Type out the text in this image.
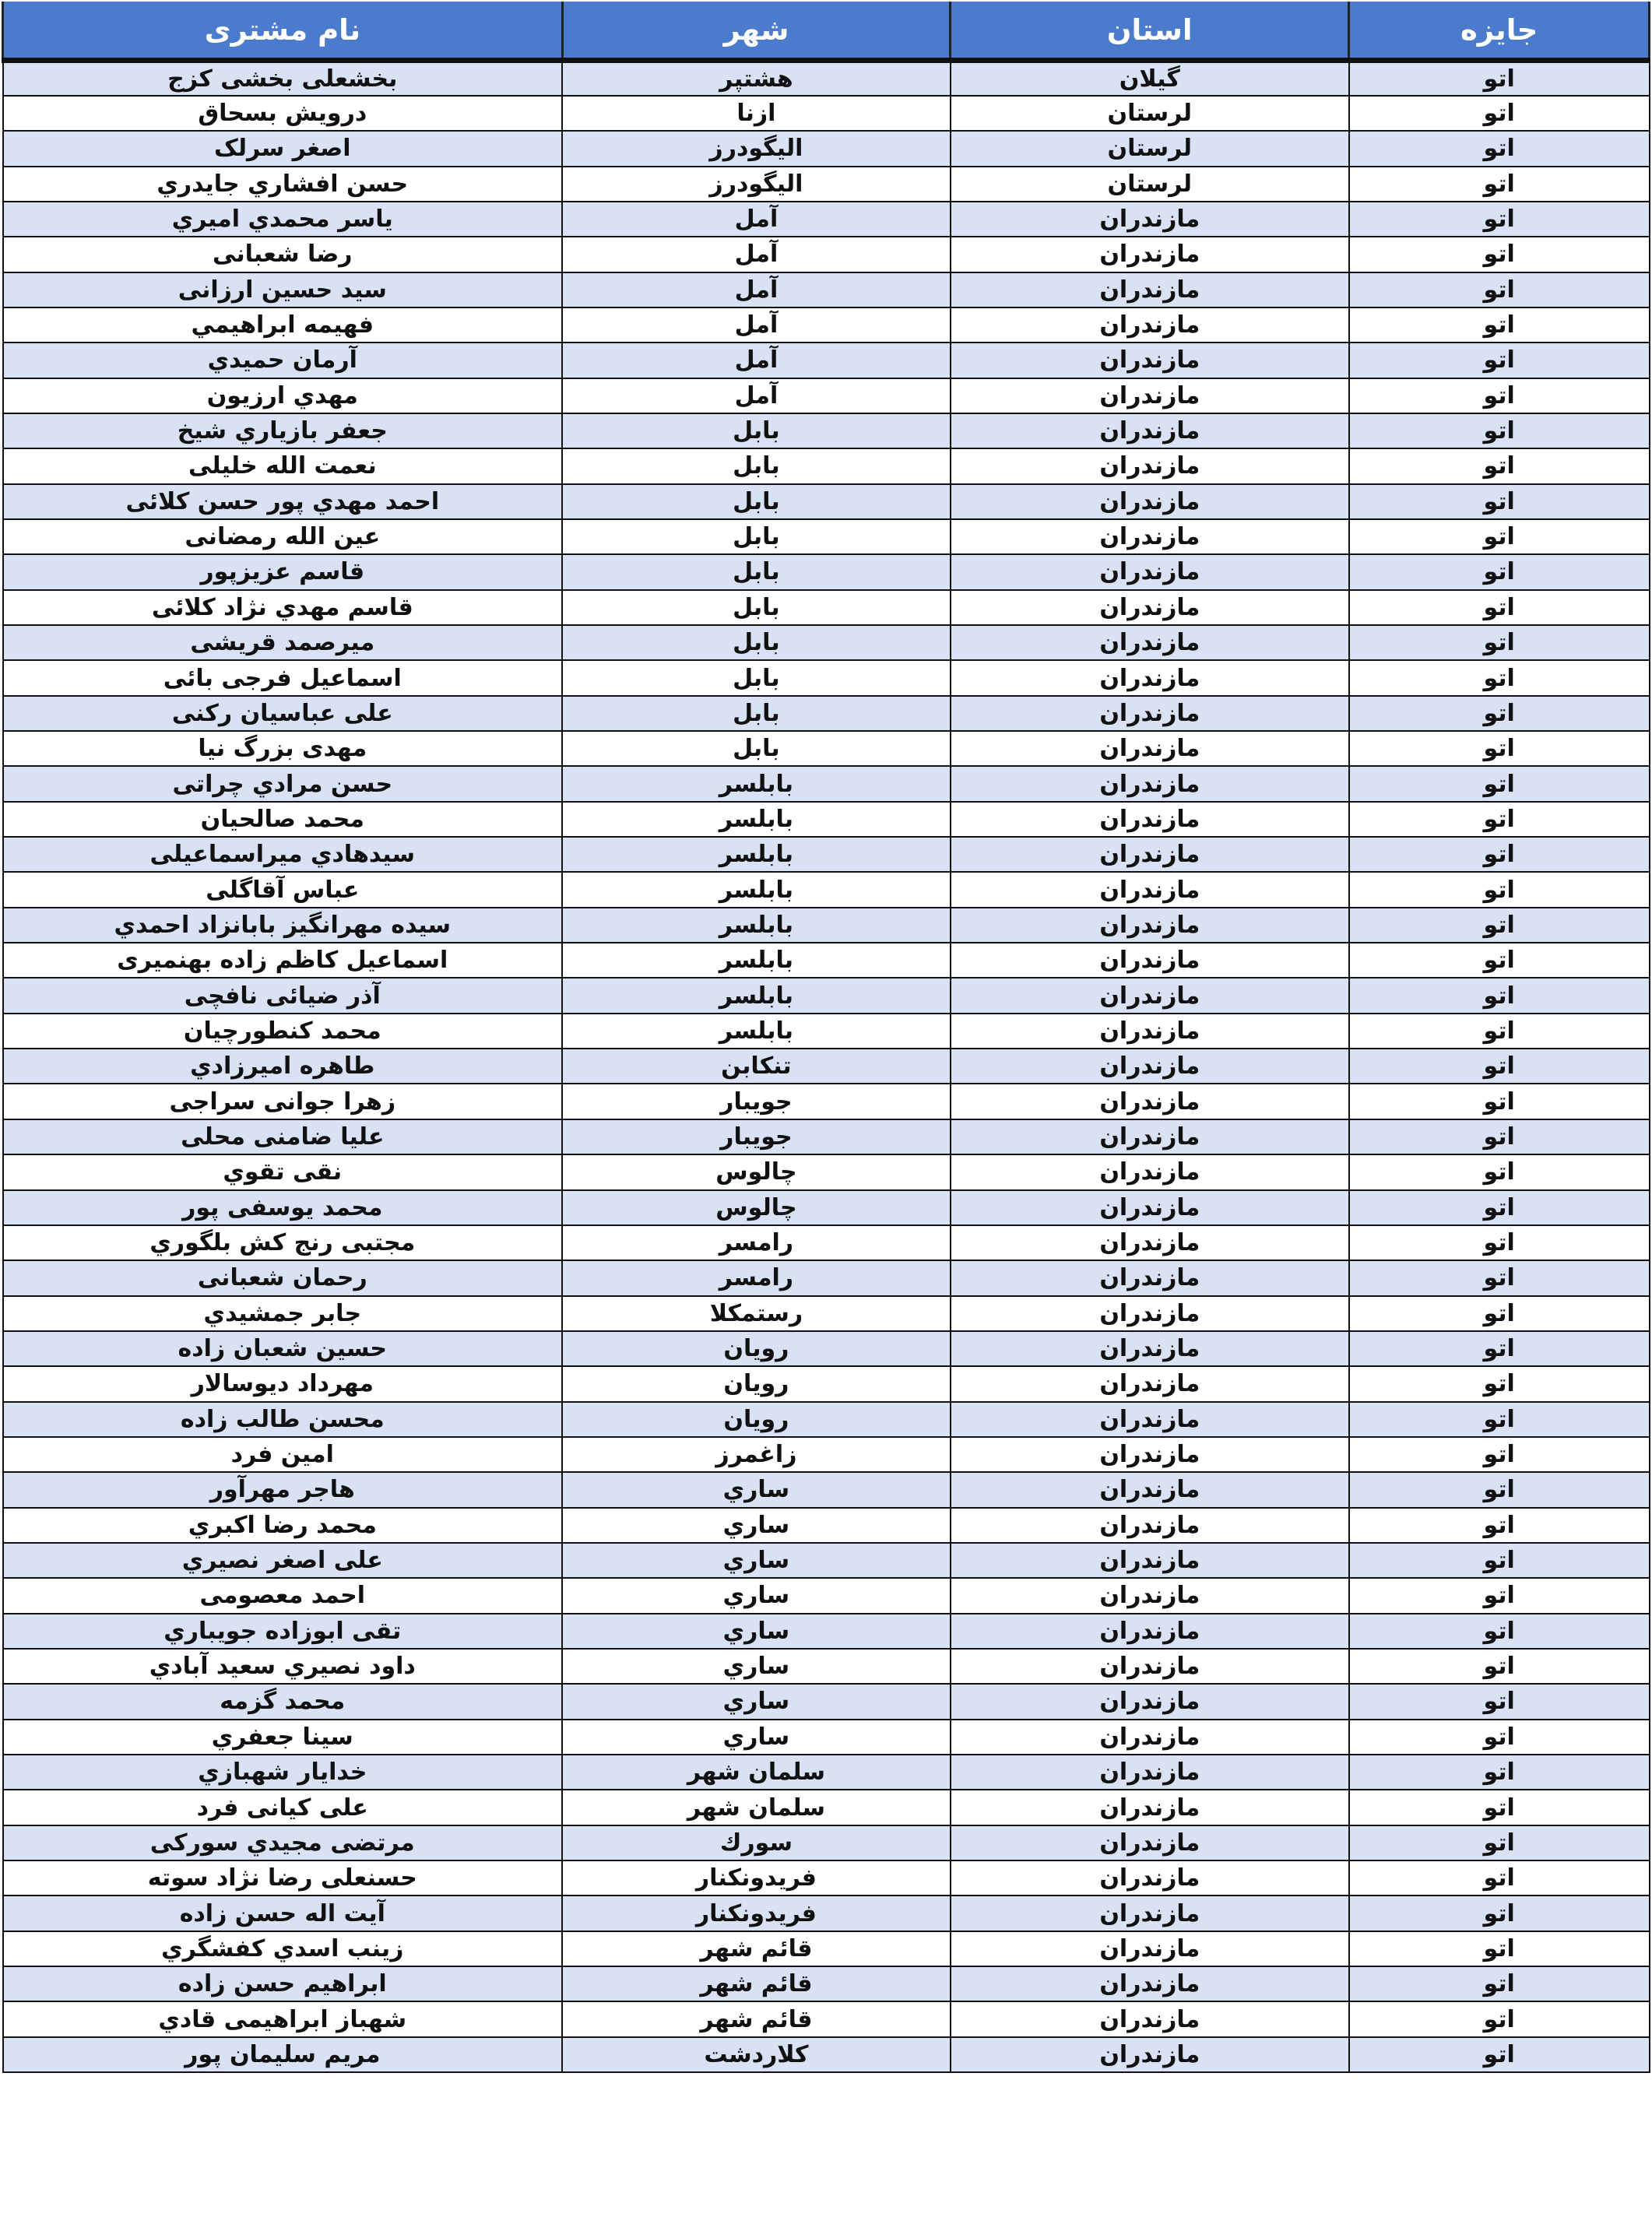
نام مشتری	شهر	استان	جایزه
بخشعلی بخشی کزج	هشتپر	گيلان	اتو
درويش بسحاق	ازنا	لرستان	اتو
اصغر سرلک	اليگودرز	لرستان	اتو
حسن افشاري جايدري	اليگودرز	لرستان	اتو
ياسر محمدي اميري	آمل	مازندران	اتو
رضا شعبانی	آمل	مازندران	اتو
سيد حسين ارزانی	آمل	مازندران	اتو
فهيمه ابراهيمي	آمل	مازندران	اتو
آرمان حميدي	آمل	مازندران	اتو
مهدي ارزيون	آمل	مازندران	اتو
جعفر بازياري شيخ	بابل	مازندران	اتو
نعمت الله خليلی	بابل	مازندران	اتو
احمد مهدي پور حسن کلائی	بابل	مازندران	اتو
عين الله رمضانی	بابل	مازندران	اتو
قاسم عزيزپور	بابل	مازندران	اتو
قاسم مهدي نژاد کلائی	بابل	مازندران	اتو
ميرصمد قريشی	بابل	مازندران	اتو
اسماعيل فرجی بائی	بابل	مازندران	اتو
علی عباسيان رکنی	بابل	مازندران	اتو
مهدی بزرگ نيا	بابل	مازندران	اتو
حسن مرادي چراتی	بابلسر	مازندران	اتو
محمد صالحيان	بابلسر	مازندران	اتو
سيدهادي ميراسماعيلی	بابلسر	مازندران	اتو
عباس آقاگلی	بابلسر	مازندران	اتو
سيده مهرانگيز بابانزاد احمدي	بابلسر	مازندران	اتو
اسماعيل کاظم زاده بهنميری	بابلسر	مازندران	اتو
آذر ضيائی نافچی	بابلسر	مازندران	اتو
محمد کنطورچيان	بابلسر	مازندران	اتو
طاهره اميرزادي	تنکابن	مازندران	اتو
زهرا جوانی سراجی	جويبار	مازندران	اتو
عليا ضامنی محلی	جويبار	مازندران	اتو
نقی تقوي	چالوس	مازندران	اتو
محمد يوسفی پور	چالوس	مازندران	اتو
مجتبی رنج کش بلگوري	رامسر	مازندران	اتو
رحمان شعبانی	رامسر	مازندران	اتو
جابر جمشيدي	رستمکلا	مازندران	اتو
حسين شعبان زاده	رويان	مازندران	اتو
مهرداد ديوسالار	رويان	مازندران	اتو
محسن طالب زاده	رويان	مازندران	اتو
امين فرد	زاغمرز	مازندران	اتو
هاجر مهرآور	ساري	مازندران	اتو
محمد رضا اکبري	ساري	مازندران	اتو
علی اصغر نصيري	ساري	مازندران	اتو
احمد معصومی	ساري	مازندران	اتو
تقی ابوزاده جويباري	ساري	مازندران	اتو
داود نصيري سعيد آبادي	ساري	مازندران	اتو
محمد گزمه	ساري	مازندران	اتو
سينا جعفري	ساري	مازندران	اتو
خدايار شهبازي	سلمان شهر	مازندران	اتو
علی کيانی فرد	سلمان شهر	مازندران	اتو
مرتضی مجيدي سورکی	سورك	مازندران	اتو
حسنعلی رضا نژاد سوته	فريدونکنار	مازندران	اتو
آيت اله حسن زاده	فريدونکنار	مازندران	اتو
زينب اسدي کفشگري	قائم شهر	مازندران	اتو
ابراهيم حسن زاده	قائم شهر	مازندران	اتو
شهباز ابراهيمی قادي	قائم شهر	مازندران	اتو
مريم سليمان پور	کلاردشت	مازندران	اتو
